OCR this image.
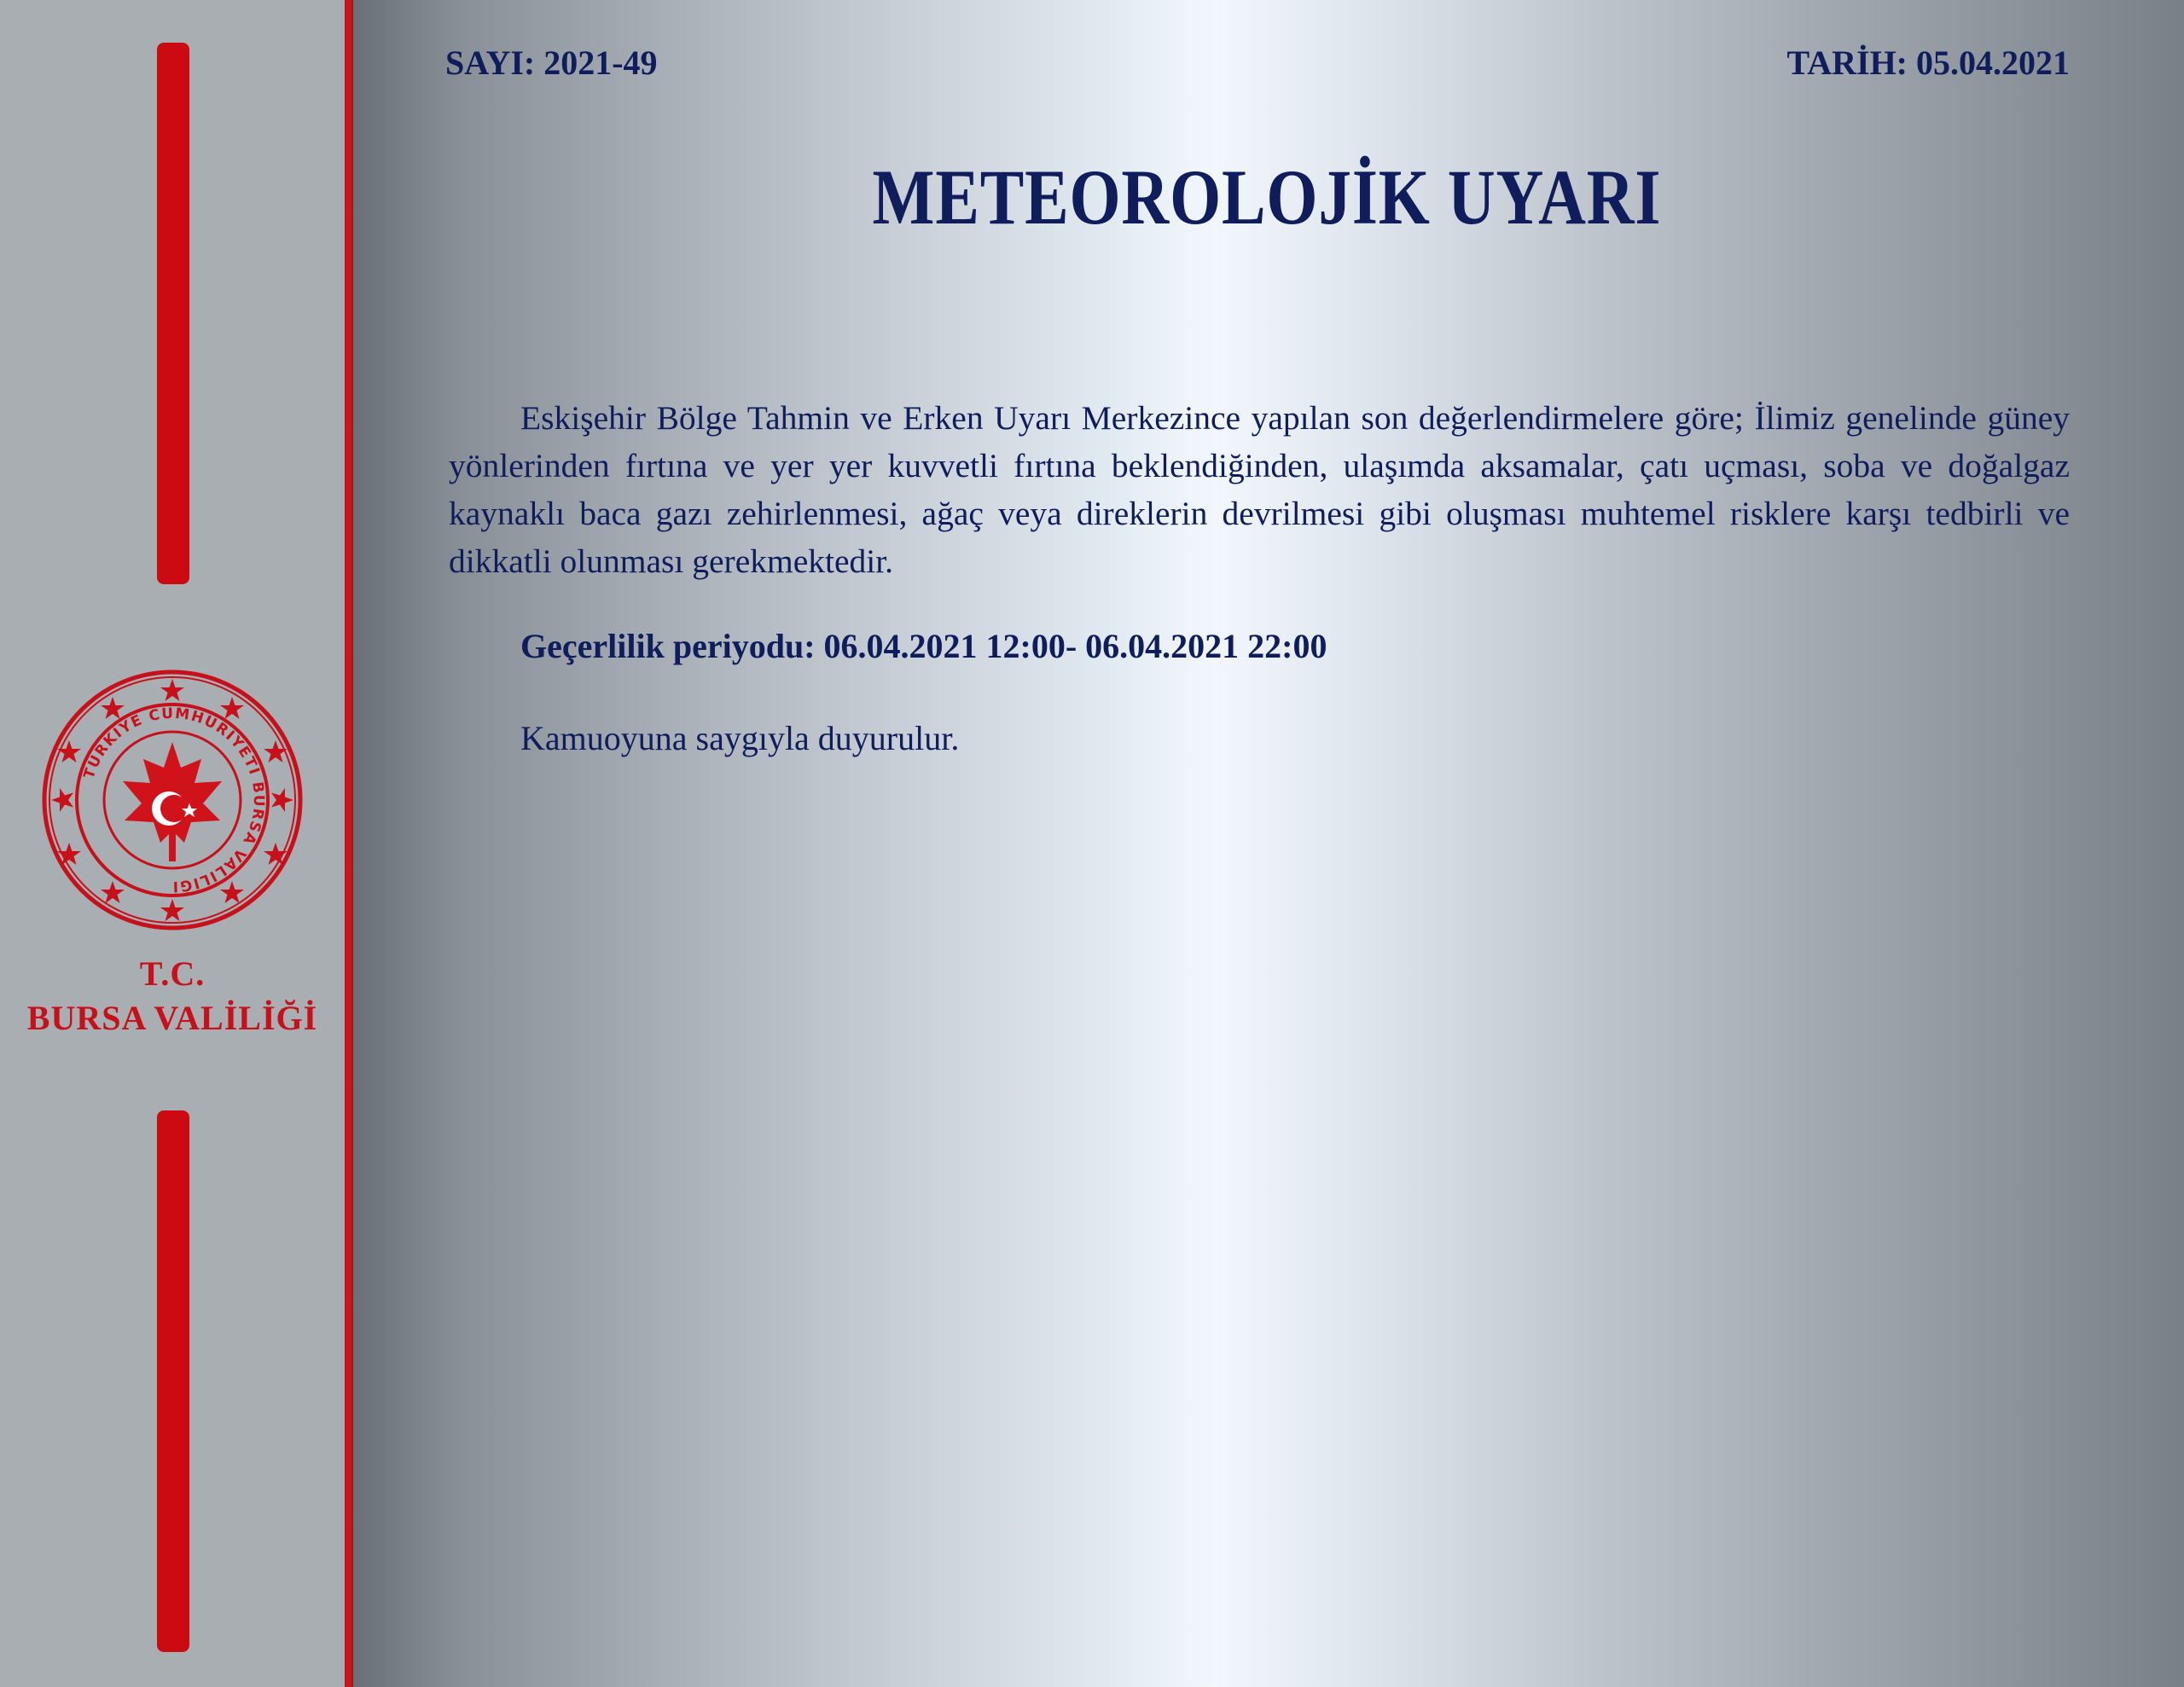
TÜRKİYE CUMHURİYETİ BURSA VALİLİĞİ
T.C.
BURSA VALİLİĞİ
SAYI: 2021-49	TARİH: 05.04.2021
METEOROLOJİK UYARI
Eskişehir Bölge Tahmin ve Erken Uyarı Merkezince yapılan son değerlendirmelere göre; İlimiz genelinde güney yönlerinden fırtına ve yer yer kuvvetli fırtına beklendiğinden, ulaşımda aksamalar, çatı uçması, soba ve doğalgaz kaynaklı baca gazı zehirlenmesi, ağaç veya direklerin devrilmesi gibi oluşması muhtemel risklere karşı tedbirli ve dikkatli olunması gerekmektedir.
Geçerlilik periyodu: 06.04.2021 12:00- 06.04.2021 22:00
Kamuoyuna saygıyla duyurulur.
